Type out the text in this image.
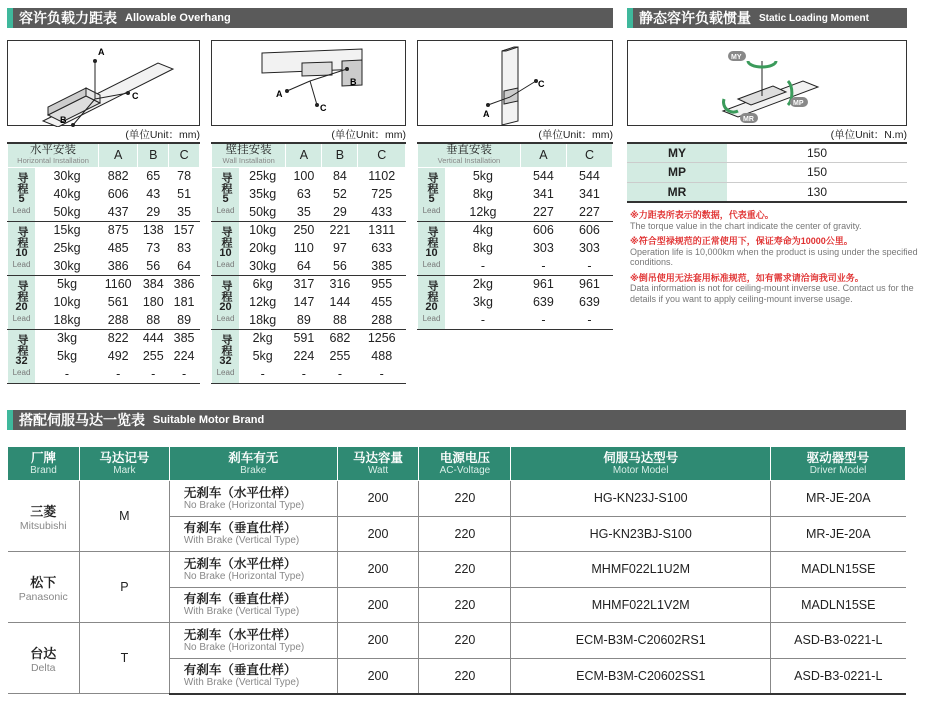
容许负载力距表 Allowable Overhang	静态容许负载惯量 Static Loading Moment
A
C
B
(单位Unit：mm)
A
C
B
(单位Unit：mm)
A
C
(单位Unit：mm)
MY
MP
MR
(单位Unit：N.m)
水平安装
Horizontal Installation		A	B	C

导程
5
Lead	30kg	882	65	78
	40kg	606	43	51
	50kg	437	29	35

导程
10
Lead	15kg	875	138	157
	25kg	485	73	83
	30kg	386	56	64

导程
20
Lead	5kg	1160	384	386
	10kg	561	180	181
	18kg	288	88	89

导程
32
Lead	3kg	822	444	385
	5kg	492	255	224
	-	-	-	-
壁挂安装
Wall Installation		A	B	C

导程
5
Lead	25kg	100	84	1102
	35kg	63	52	725
	50kg	35	29	433

导程
10
Lead	10kg	250	221	1311
	20kg	110	97	633
	30kg	64	56	385

导程
20
Lead	6kg	317	316	955
	12kg	147	144	455
	18kg	89	88	288

导程
32
Lead	2kg	591	682	1256
	5kg	224	255	488
	-	-	-	-
垂直安装
Vertical Installation		A	C

导程
5
Lead	5kg	544	544
	8kg	341	341
	12kg	227	227

导程
10
Lead	4kg	606	606
	8kg	303	303
	-	-	-

导程
20
Lead	2kg	961	961
	3kg	639	639
	-	-	-
MY	150
MP	150
MR	130

※力距表所表示的数据，代表重心。
The torque value in the chart indicate the center of gravity.

※符合型禄规范的正常使用下，保证寿命为10000公里。
Operation life is 10,000km when the product is using under the specified conditions.

※倒吊使用无法套用标准规范，如有需求请洽询我司业务。
Data information is not for ceiling-mount inverse use. Contact us for the details if you want to apply ceiling-mount inverse usage.

搭配伺服马达一览表 Suitable Motor Brand
厂牌
Brand	马达记号
Mark	刹车有无
Brake	马达容量
Watt	电源电压
AC-Voltage	伺服马达型号
Motor Model	驱动器型号
Driver Model

三菱
Mitsubishi	M	无刹车（水平仕样）
No Brake (Horizontal Type)	200	220	HG-KN23J-S100	MR-JE-20A

		有刹车（垂直仕样）
With Brake (Vertical Type)	200	220	HG-KN23BJ-S100	MR-JE-20A

松下
Panasonic	P	无刹车（水平仕样）
No Brake (Horizontal Type)	200	220	MHMF022L1U2M	MADLN15SE

		有刹车（垂直仕样）
With Brake (Vertical Type)	200	220	MHMF022L1V2M	MADLN15SE

台达
Delta	T	无刹车（水平仕样）
No Brake (Horizontal Type)	200	220	ECM-B3M-C20602RS1	ASD-B3-0221-L

		有刹车（垂直仕样）
With Brake (Vertical Type)	200	220	ECM-B3M-C20602SS1	ASD-B3-0221-L
